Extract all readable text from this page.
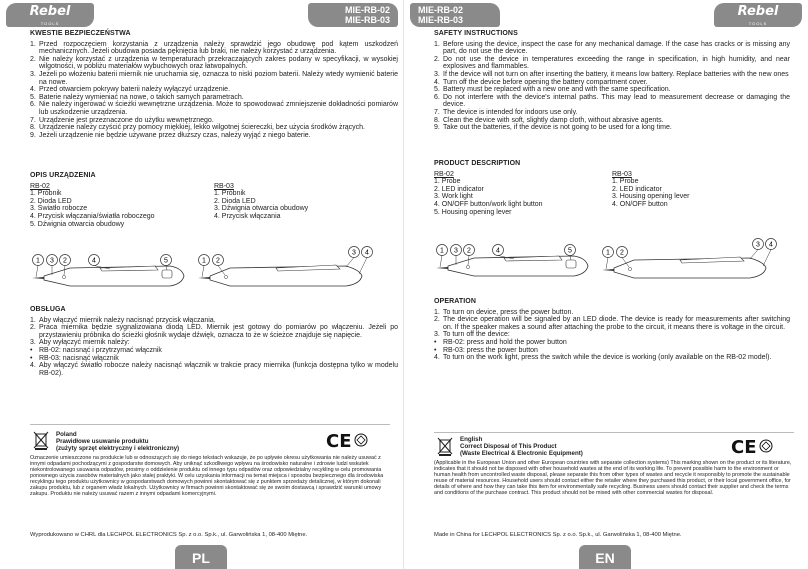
Rebel
TOOLS
MIE-RB-02
MIE-RB-03
KWESTIE BEZPIECZEŃSTWA
1. Przed rozpoczęciem korzystania z urządzenia należy sprawdzić jego obudowę pod kątem uszkodzeń mechanicznych. Jeżeli obudowa posiada pęknięcia lub braki, nie należy korzystać z urządzenia.
2. Nie należy korzystać z urządzenia w temperaturach przekraczających zakres podany w specyfikacji, w wysokiej wilgotności, w pobliżu materiałów wybuchowych oraz łatwopalnych.
3. Jeżeli po włożeniu baterii miernik nie uruchamia się, oznacza to niski poziom baterii. Należy wtedy wymienić baterie na nowe.
4. Przed otwarciem pokrywy baterii należy wyłączyć urządzenie.
5. Baterie należy wymieniać na nowe, o takich samych parametrach.
6. Nie należy ingerować w ścieżki wewnętrzne urządzenia. Może to spowodować zmniejszenie dokładności pomiarów lub uszkodzenie urządzenia.
7. Urządzenie jest przeznaczone do użytku wewnętrznego.
8. Urządzenie należy czyścić przy pomocy miękkiej, lekko wilgotnej ściereczki, bez użycia środków żrących.
9. Jeżeli urządzenie nie będzie używane przez dłuższy czas, należy wyjąć z niego baterie.
OPIS URZĄDZENIA
RB-02
1. Próbnik
2. Dioda LED
3. Światło robocze
4. Przycisk włączania/światła roboczego
5. Dźwignia otwarcia obudowy
RB-03
1. Próbnik
2. Dioda LED
3. Dźwignia otwarcia obudowy
4. Przycisk włączania
1 3 2	4	5	1 2
3 4
OBSŁUGA
1. Aby włączyć miernik należy nacisnąć przycisk włączania.
2. Praca miernika będzie sygnalizowana diodą LED. Miernik jest gotowy do pomiarów po włączeniu. Jeżeli po przystawieniu próbnika do ścieżki głośnik wydaje dźwięk, oznacza to że w ścieżce znajduje się napięcie.
3. Aby wyłączyć miernik należy:
• RB-02: nacisnąć i przytrzymać włącznik
• RB-03: nacisnąć włącznik
4. Aby włączyć światło robocze należy nacisnąć włącznik w trakcie pracy miernika (funkcja dostępna tylko w modelu RB-02).
Poland
Prawidłowe usuwanie produktu
(zużyty sprzęt elektryczny i elektroniczny)	CE
Oznaczenie umieszczone na produkcie lub w odnoszących się do niego tekstach wskazuje, że po upływie okresu użytkowania nie należy usuwać z innymi odpadami pochodzącymi z gospodarstw domowych. Aby uniknąć szkodliwego wpływu na środowisko naturalne i zdrowie ludzi wskutek niekontrolowanego usuwania odpadów, prosimy o oddzielenie produktu od innego typu odpadów oraz odpowiedzialny recykling w celu promowania ponownego użycia zasobów materialnych jako stałej praktyki. W celu uzyskania informacji na temat miejsca i sposobu bezpiecznego dla środowiska recyklingu tego produktu użytkownicy w gospodarstwach domowych powinni skontaktować się z punktem sprzedaży detalicznej, w którym dokonali zakupu produktu, lub z organem władz lokalnych. Użytkownicy w firmach powinni skontaktować się ze swoim dostawcą i sprawdzić warunki umowy zakupu. Produktu nie należy usuwać razem z innymi odpadami komercyjnymi.
Wyprodukowano w CHRL dla LECHPOL ELECTRONICS Sp. z o.o. Sp.k., ul. Garwolińska 1, 08-400 Miętne.
PL
MIE-RB-02
MIE-RB-03
Rebel
TOOLS
SAFETY INSTRUCTIONS
1. Before using the device, inspect the case for any mechanical damage. If the case has cracks or is missing any part, do not use the device.
2. Do not use the device in temperatures exceeding the range in specification, in high humidity, and near explosives and flammables.
3. If the device will not turn on after inserting the battery, it means low battery. Replace batteries with the new ones
4. Turn off the device before opening the battery compartment cover.
5. Battery must be replaced with a new one and with the same specification.
6. Do not interfere with the device's internal paths. This may lead to measurement decrease or damaging the device.
7. The device is intended for indoors use only.
8. Clean the device with soft, slightly damp cloth, without abrasive agents.
9. Take out the batteries, if the device is not going to be used for a long time.
PRODUCT DESCRIPTION
RB-02
1. Probe
2. LED indicator
3. Work light
4. ON/OFF button/work light button
5. Housing opening lever
RB-03
1. Probe
2. LED indicator
3. Housing opening lever
4. ON/OFF button
1 3 2	4	5	1 2
3 4
OPERATION
1. To turn on device, press the power button.
2. The device operation will be signaled by an LED diode. The device is ready for measurements after switching on. If the speaker makes a sound after attaching the probe to the circuit, it means there is voltage in the circuit.
3. To turn off the device:
• RB-02: press and hold the power button
• RB-03: press the power button
4. To turn on the work light, press the switch while the device is working (only available on the RB-02 model).
English
Correct Disposal of This Product
(Waste Electrical & Electronic Equipment)	CE
(Applicable in the European Union and other European countries with separate collection systems) This marking shown on the product or its literature, indicates that it should not be disposed with other household wastes at the end of its working life. To prevent possible harm to the environment or human health from uncontrolled waste disposal, please separate this from other types of wastes and recycle it responsibly to promote the sustainable reuse of material resources. Household users should contact either the retailer where they purchased this product, or their local government office, for details of where and how they can take this item for environmentally safe recycling. Business users should contact their supplier and check the terms and conditions of the purchase contract. This product should not be mixed with other commercial wastes for disposal.
Made in China for LECHPOL ELECTRONICS Sp. z o.o. Sp.k., ul. Garwolińska 1, 08-400 Miętne.
EN
